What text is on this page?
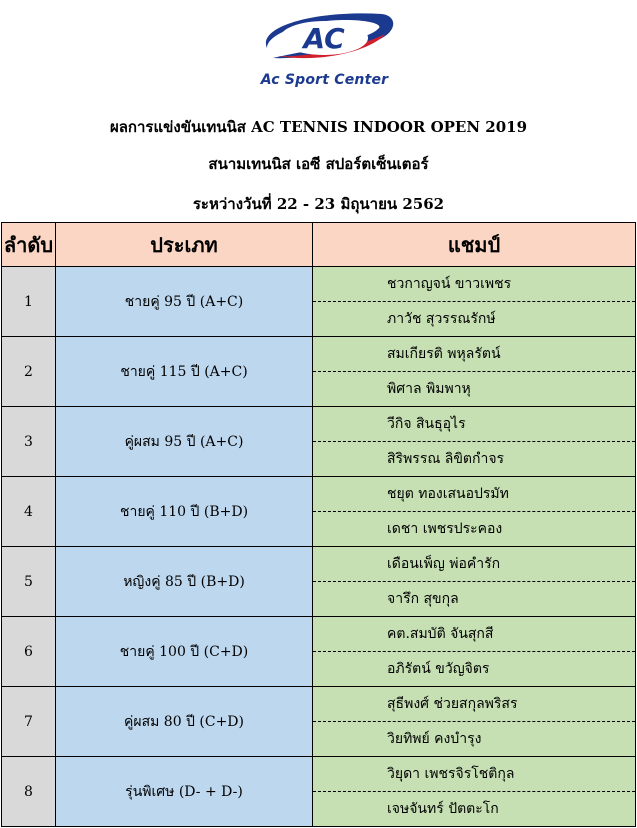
AC
Ac Sport Center
ผลการแข่งขันเทนนิส AC TENNIS INDOOR OPEN 2019
สนามเทนนิส เอซี สปอร์ตเซ็นเตอร์
ระหว่างวันที่ 22 - 23 มิถุนายน 2562
ลำดับ	ประเภท	แชมป์
1	ชายคู่ 95 ปี (A+C)	ชวกาญจน์ ขาวเพชร
		ภาวัช สุวรรณรักษ์
2	ชายคู่ 115 ปี (A+C)	สมเกียรติ พหุลรัตน์
		พิศาล พิมพาหุ
3	คู่ผสม 95 ปี (A+C)	วีกิจ สินธุอุไร
		สิริพรรณ ลิขิตกำจร
4	ชายคู่ 110 ปี (B+D)	ชยุต ทองเสนอปรมัท
		เดชา เพชรประคอง
5	หญิงคู่ 85 ปี (B+D)	เดือนเพ็ญ พ่อคำรัก
		จารึก สุขกุล
6	ชายคู่ 100 ปี (C+D)	คต.สมบัติ จันสุกสี
		อภิรัตน์ ขวัญจิตร
7	คู่ผสม 80 ปี (C+D)	สุธีพงศ์ ช่วยสกุลพริสร
		วิยทิพย์ คงบำรุง
8	รุ่นพิเศษ (D- + D-)	วิยุดา เพชรจิรโชติกุล
		เจษจันทร์ ปัตตะโก
